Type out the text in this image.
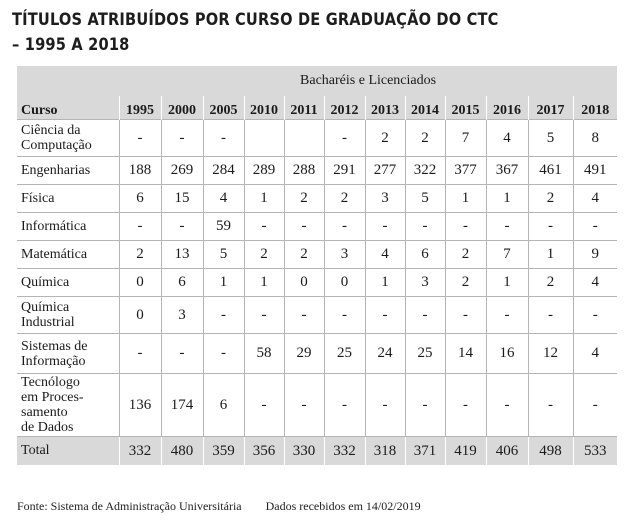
TÍTULOS ATRIBUÍDOS POR CURSO DE GRADUAÇÃO DO CTC
– 1995 A 2018
	Bacharéis e Licenciados											
Curso	1995	2000	2005	2010	2011	2012	2013	2014	2015	2016	2017	2018

Ciência da
Computação	-	-	-			-	2	2	7	4	5	8

Engenharias	188	269	284	289	288	291	277	322	377	367	461	491

Física	6	15	4	1	2	2	3	5	1	1	2	4

Informática	-	-	59	-	-	-	-	-	-	-	-	-

Matemática	2	13	5	2	2	3	4	6	2	7	1	9

Química	0	6	1	1	0	0	1	3	2	1	2	4

Química
Industrial	0	3	-	-	-	-	-	-	-	-	-	-

Sistemas de
Informação	-	-	-	58	29	25	24	25	14	16	12	4

Tecnólogo
em Proces-
samento
de Dados	136	174	6	-	-	-	-	-	-	-	-	-
Total	332	480	359	356	330	332	318	371	419	406	498	533
Fonte: Sistema de Administração Universitária Dados recebidos em 14/02/2019
